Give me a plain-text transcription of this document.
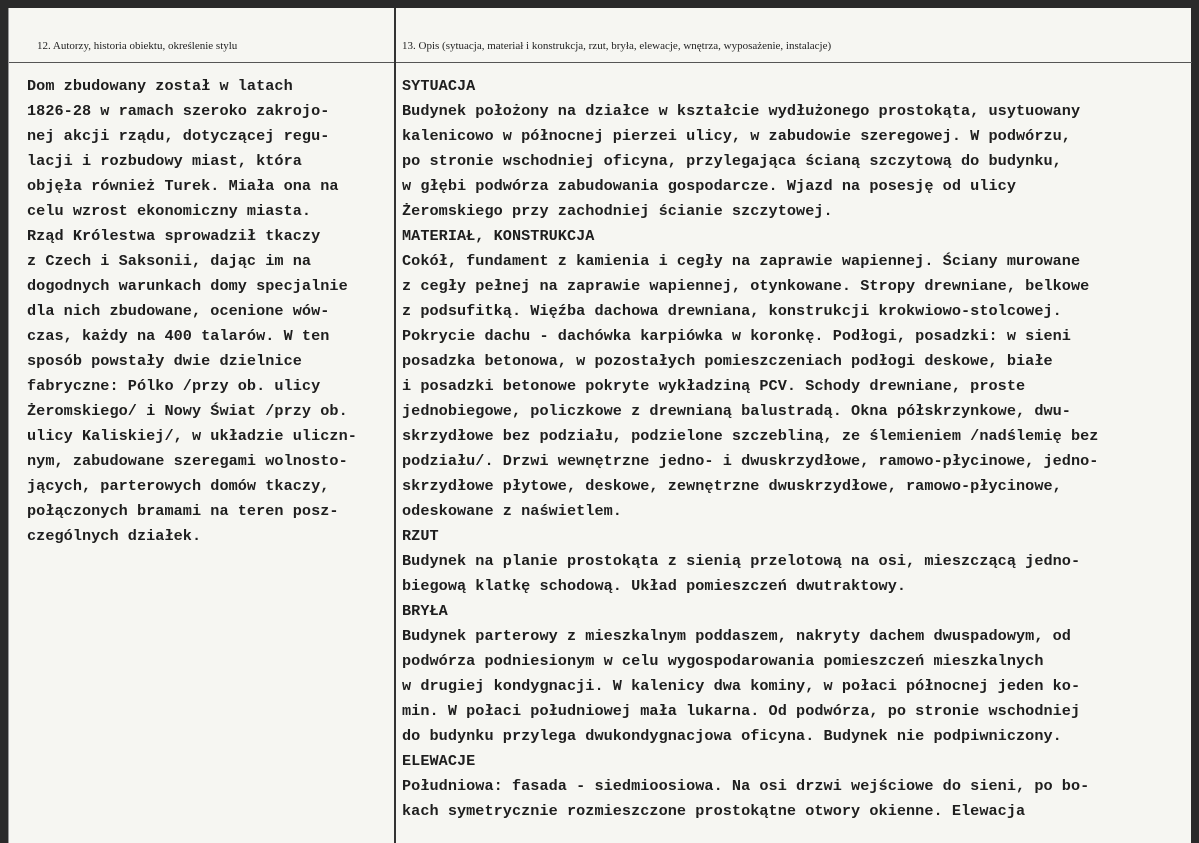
12. Autorzy, historia obiektu, określenie stylu	13. Opis (sytuacja, materiał i konstrukcja, rzut, bryła, elewacje, wnętrza, wyposażenie, instalacje)
Dom zbudowany został w latach
1826-28 w ramach szeroko zakrojo-
nej akcji rządu, dotyczącej regu-
lacji i rozbudowy miast, która
objęła również Turek. Miała ona na
celu wzrost ekonomiczny miasta.
Rząd Królestwa sprowadził tkaczy
z Czech i Saksonii, dając im na
dogodnych warunkach domy specjalnie
dla nich zbudowane, ocenione wów-
czas, każdy na 400 talarów. W ten
sposób powstały dwie dzielnice
fabryczne: Pólko /przy ob. ulicy
Żeromskiego/ i Nowy Świat /przy ob.
ulicy Kaliskiej/, w układzie uliczn-
nym, zabudowane szeregami wolnosto-
jących, parterowych domów tkaczy,
połączonych bramami na teren posz-
czególnych działek.
SYTUACJA
Budynek położony na działce w kształcie wydłużonego prostokąta, usytuowany
kalenicowo w północnej pierzei ulicy, w zabudowie szeregowej. W podwórzu,
po stronie wschodniej oficyna, przylegająca ścianą szczytową do budynku,
w głębi podwórza zabudowania gospodarcze. Wjazd na posesję od ulicy
Żeromskiego przy zachodniej ścianie szczytowej.
MATERIAŁ, KONSTRUKCJA
Cokół, fundament z kamienia i cegły na zaprawie wapiennej. Ściany murowane
z cegły pełnej na zaprawie wapiennej, otynkowane. Stropy drewniane, belkowe
z podsufitką. Więźba dachowa drewniana, konstrukcji krokwiowo-stolcowej.
Pokrycie dachu - dachówka karpiówka w koronkę. Podłogi, posadzki: w sieni
posadzka betonowa, w pozostałych pomieszczeniach podłogi deskowe, białe
i posadzki betonowe pokryte wykładziną PCV. Schody drewniane, proste
jednobiegowe, policzkowe z drewnianą balustradą. Okna półskrzynkowe, dwu-
skrzydłowe bez podziału, podzielone szczebliną, ze ślemieniem /nadślemię bez
podziału/. Drzwi wewnętrzne jedno- i dwuskrzydłowe, ramowo-płycinowe, jedno-
skrzydłowe płytowe, deskowe, zewnętrzne dwuskrzydłowe, ramowo-płycinowe,
odeskowane z naświetlem.
RZUT
Budynek na planie prostokąta z sienią przelotową na osi, mieszczącą jedno-
biegową klatkę schodową. Układ pomieszczeń dwutraktowy.
BRYŁA
Budynek parterowy z mieszkalnym poddaszem, nakryty dachem dwuspadowym, od
podwórza podniesionym w celu wygospodarowania pomieszczeń mieszkalnych
w drugiej kondygnacji. W kalenicy dwa kominy, w połaci północnej jeden ko-
min. W połaci południowej mała lukarna. Od podwórza, po stronie wschodniej
do budynku przylega dwukondygnacjowa oficyna. Budynek nie podpiwniczony.
ELEWACJE
Południowa: fasada - siedmioosiowa. Na osi drzwi wejściowe do sieni, po bo-
kach symetrycznie rozmieszczone prostokątne otwory okienne. Elewacja
